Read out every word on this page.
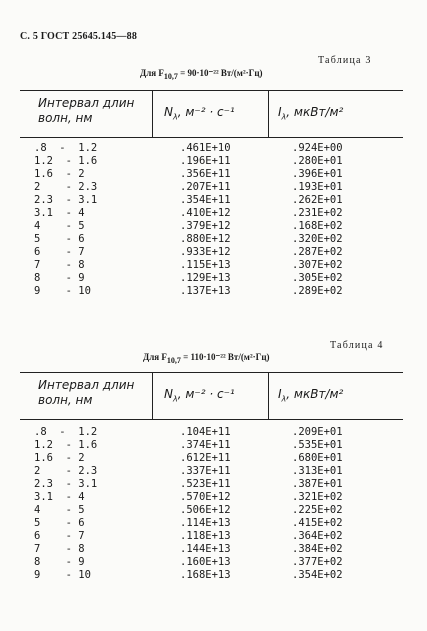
С. 5 ГОСТ 25645.145—88
Таблица 3
Для $F_{10,7} = 90\cdot 10^{-22}$ Вт/(м²·Гц)
Интервал длин
волн, нм	$N_\lambda$, м⁻² · с⁻¹	$I_\lambda$, мкВт/м²
.8  -  1.2	.461E+10	.924E+00
1.2  - 1.6	.196E+11	.280E+01
1.6  - 2	.356E+11	.396E+01
2    - 2.3	.207E+11	.193E+01
2.3  - 3.1	.354E+11	.262E+01
3.1  - 4	.410E+12	.231E+02
4    - 5	.379E+12	.168E+02
5    - 6	.880E+12	.320E+02
6    - 7	.933E+12	.287E+02
7    - 8	.115E+13	.307E+02
8    - 9	.129E+13	.305E+02
9    - 10	.137E+13	.289E+02
Таблица 4
Для $F_{10,7} = 110\cdot 10^{-22}$ Вт/(м²·Гц)
Интервал длин
волн, нм	$N_\lambda$, м⁻² · с⁻¹	$I_\lambda$, мкВт/м²
.8  -  1.2	.104E+11	.209E+01
1.2  - 1.6	.374E+11	.535E+01
1.6  - 2	.612E+11	.680E+01
2    - 2.3	.337E+11	.313E+01
2.3  - 3.1	.523E+11	.387E+01
3.1  - 4	.570E+12	.321E+02
4    - 5	.506E+12	.225E+02
5    - 6	.114E+13	.415E+02
6    - 7	.118E+13	.364E+02
7    - 8	.144E+13	.384E+02
8    - 9	.160E+13	.377E+02
9    - 10	.168E+13	.354E+02
